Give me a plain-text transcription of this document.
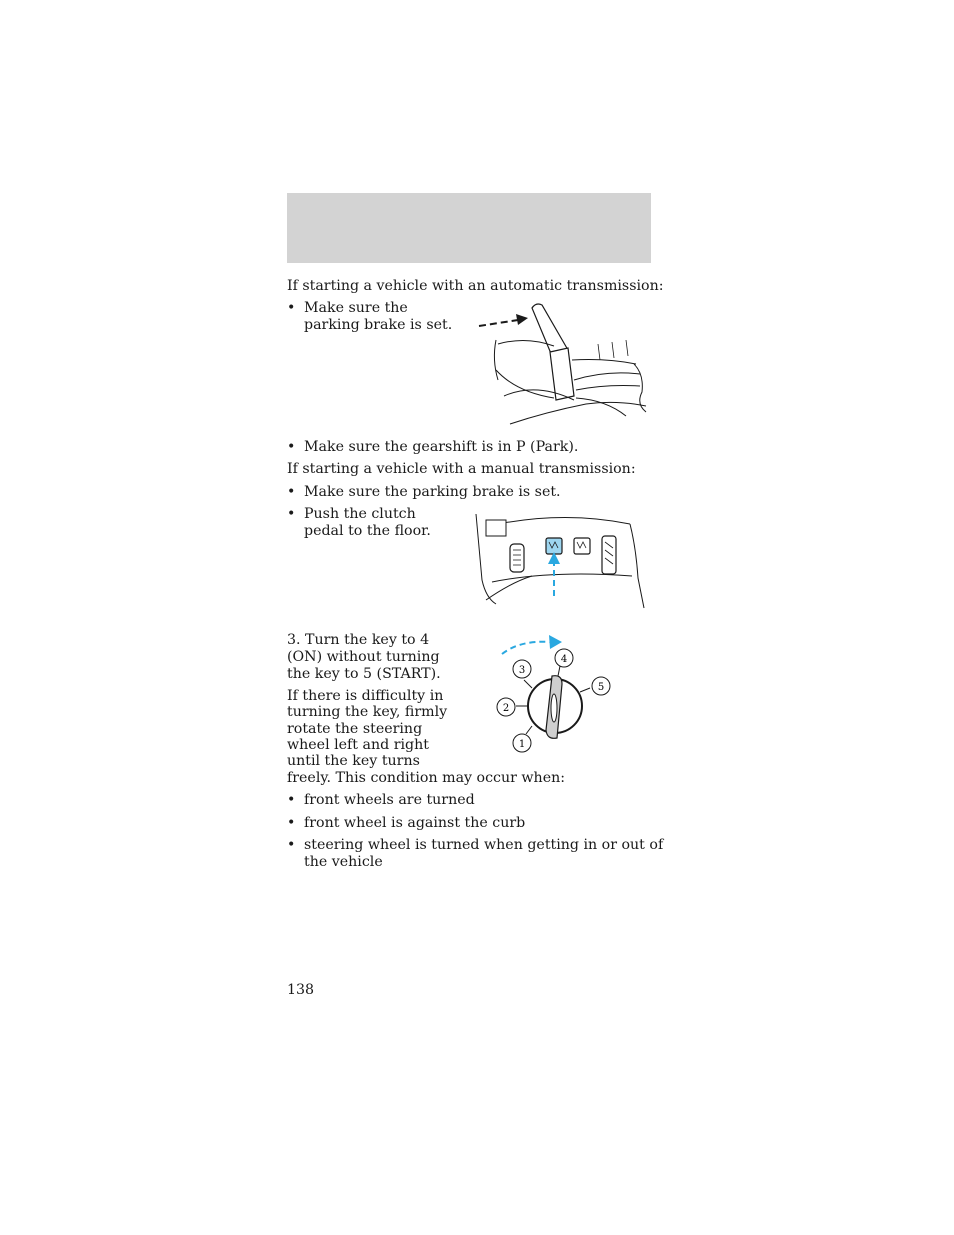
If starting a vehicle with an automatic transmission:
• Make sure the
parking brake is set.
• Make sure the gearshift is in P (Park).
If starting a vehicle with a manual transmission:
• Make sure the parking brake is set.
• Push the clutch
pedal to the floor.
3. Turn the key to 4
(ON) without turning
the key to 5 (START).
If there is difficulty in
turning the key, firmly
rotate the steering
wheel left and right
until the key turns
1
2
3
4
5
freely. This condition may occur when:
• front wheels are turned
• front wheel is against the curb
• steering wheel is turned when getting in or out of
the vehicle
138
